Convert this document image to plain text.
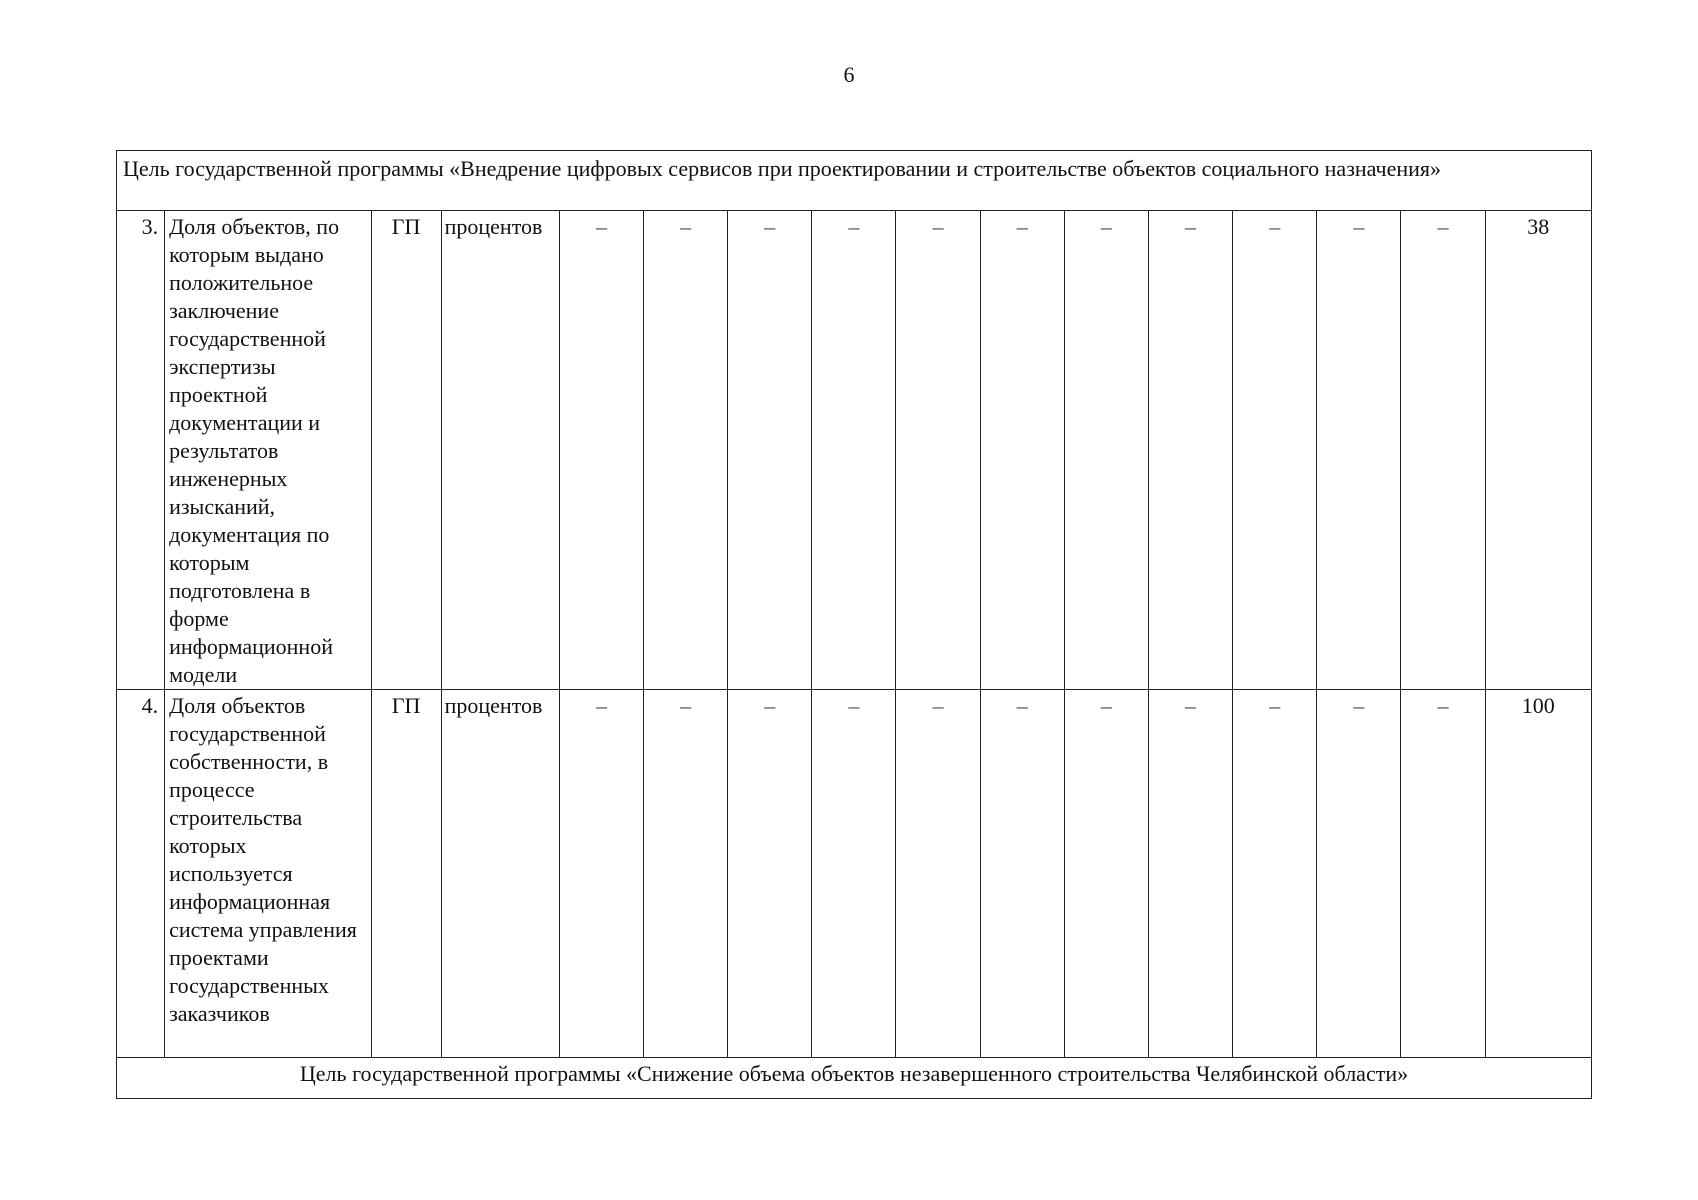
6
Цель государственной программы «Внедрение цифровых сервисов при проектировании и строительстве объектов социального назначения»															
3.	Доля объектов, по которым выдано положительное заключение государственной экспертизы проектной документации и результатов инженерных изысканий, документация по которым подготовлена в форме информационной модели	ГП	процентов	–	–	–	–	–	–	–	–	–	–	–	38
4.	Доля объектов государственной собственности, в процессе строительства которых используется информационная система управления проектами государственных заказчиков	ГП	процентов	–	–	–	–	–	–	–	–	–	–	–	100
Цель государственной программы «Снижение объема объектов незавершенного строительства Челябинской области»															
